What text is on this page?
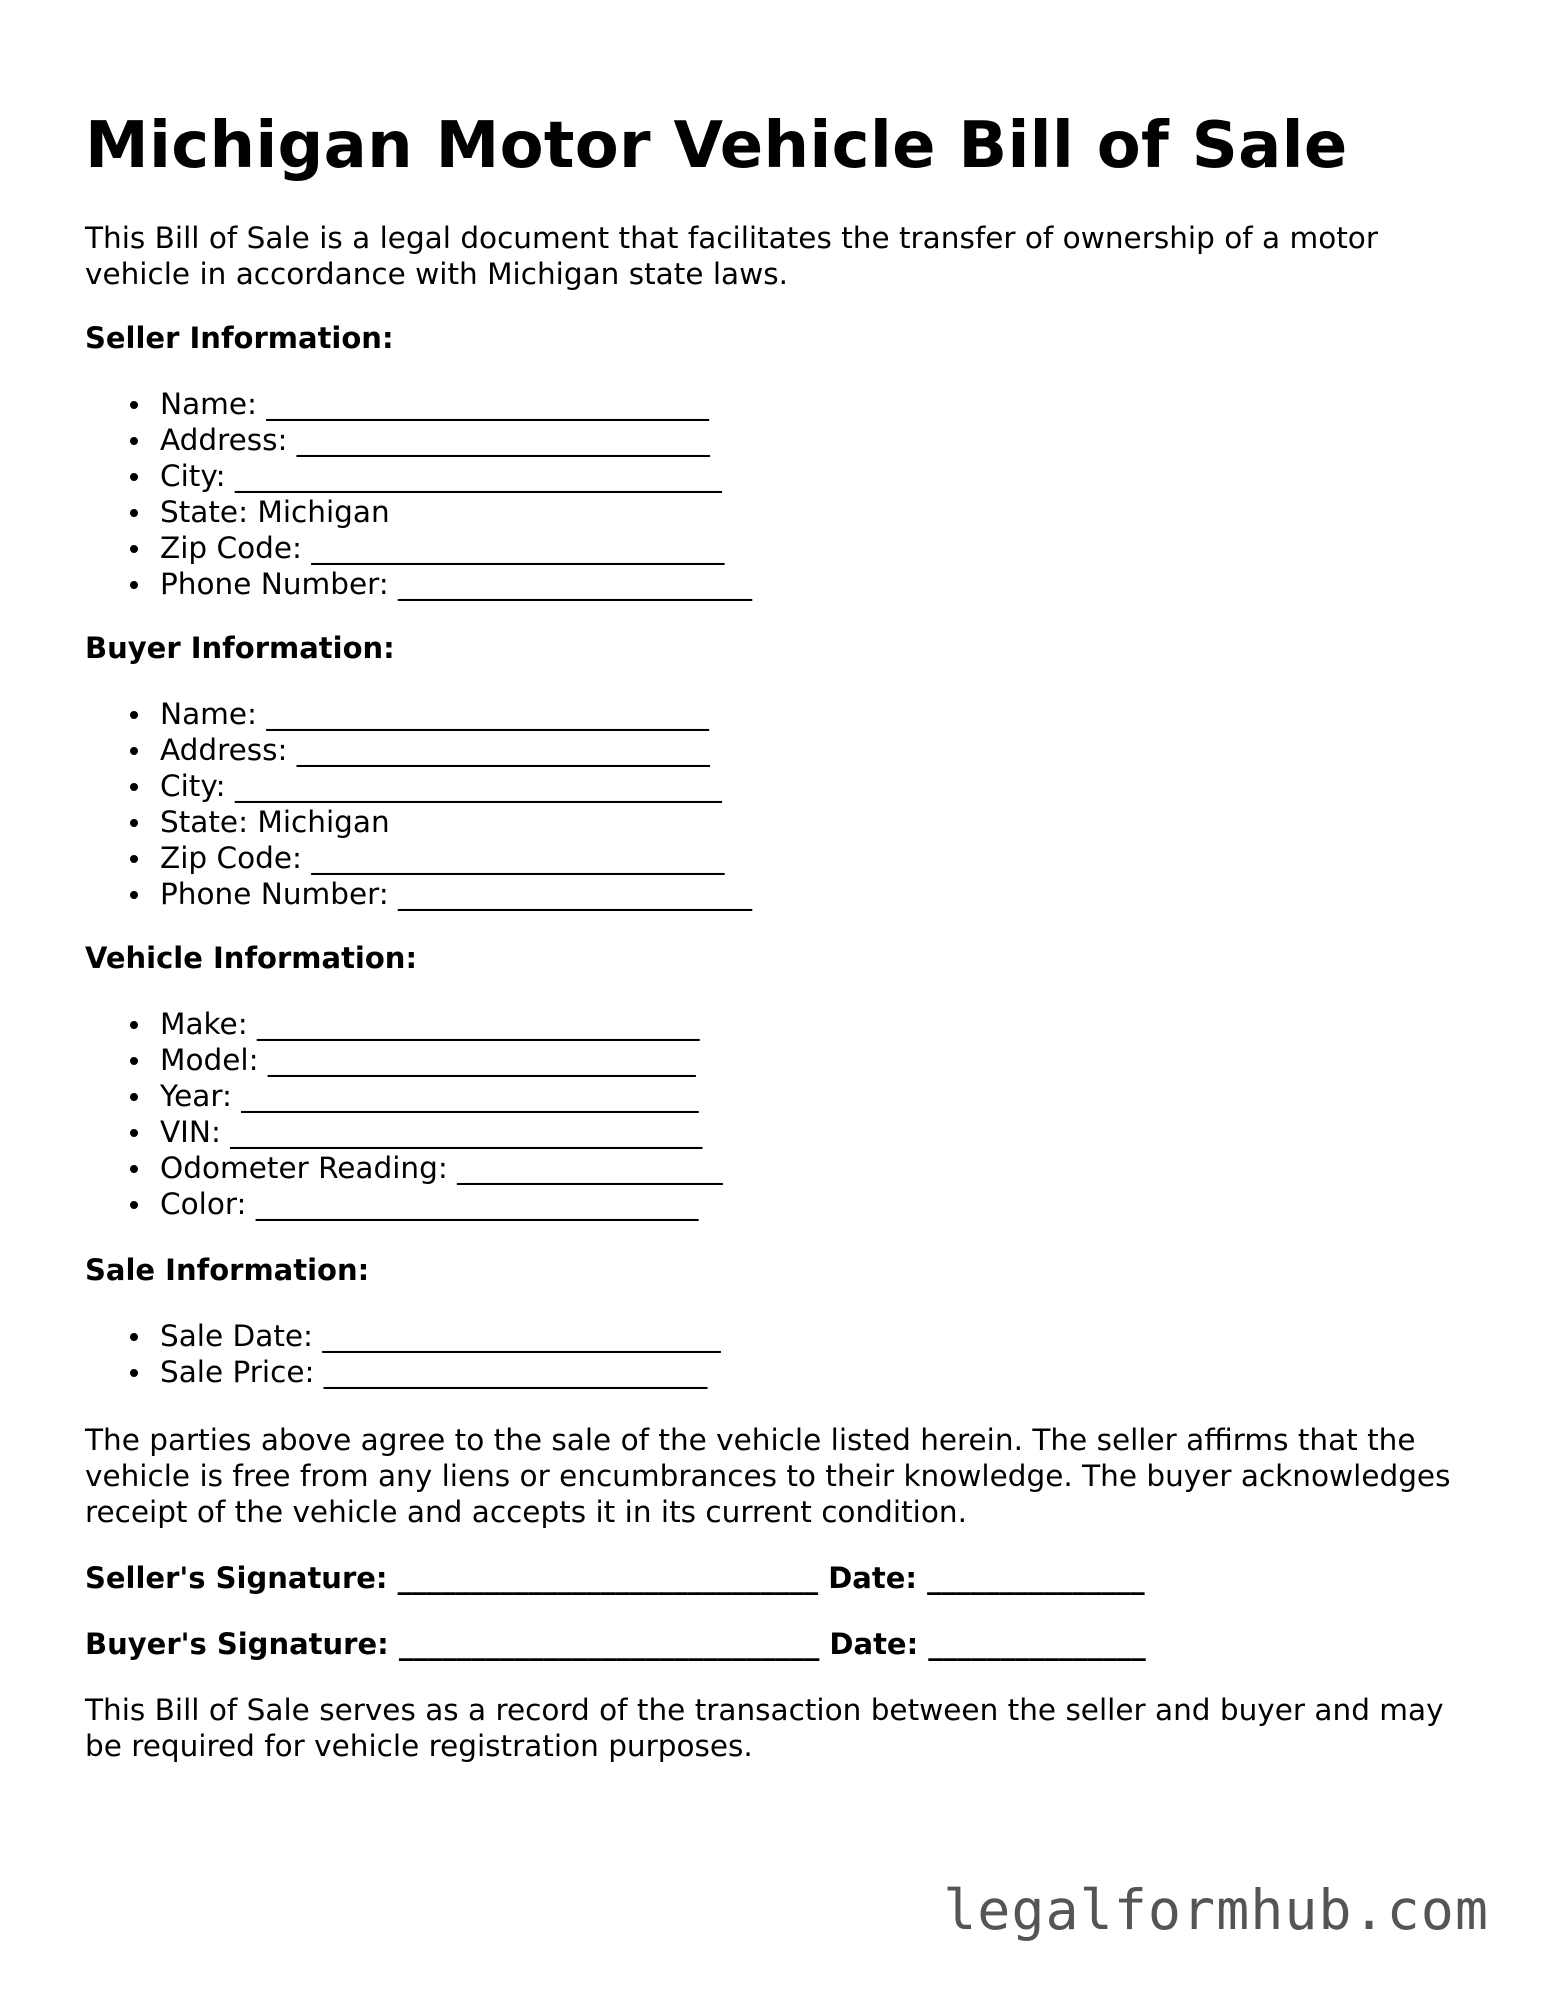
Michigan Motor Vehicle Bill of Sale

This Bill of Sale is a legal document that facilitates the transfer of ownership of a motor vehicle in accordance with Michigan state laws.

Seller Information:
Name: ______________________________
Address: ____________________________
City: _________________________________
State: Michigan
Zip Code: ____________________________
Phone Number: ________________________
Buyer Information:
Name: ______________________________
Address: ____________________________
City: _________________________________
State: Michigan
Zip Code: ____________________________
Phone Number: ________________________
Vehicle Information:
Make: ______________________________
Model: _____________________________
Year: _______________________________
VIN: ________________________________
Odometer Reading: __________________
Color: ______________________________
Sale Information:
Sale Date: ___________________________
Sale Price: __________________________

The parties above agree to the sale of the vehicle listed herein. The seller affirms that the vehicle is free from any liens or encumbrances to their knowledge. The buyer acknowledges receipt of the vehicle and accepts it in its current condition.

Seller's Signature: _____________________________ Date: _______________
Buyer's Signature: _____________________________ Date: _______________

This Bill of Sale serves as a record of the transaction between the seller and buyer and may be required for vehicle registration purposes.

legalformhub.com
